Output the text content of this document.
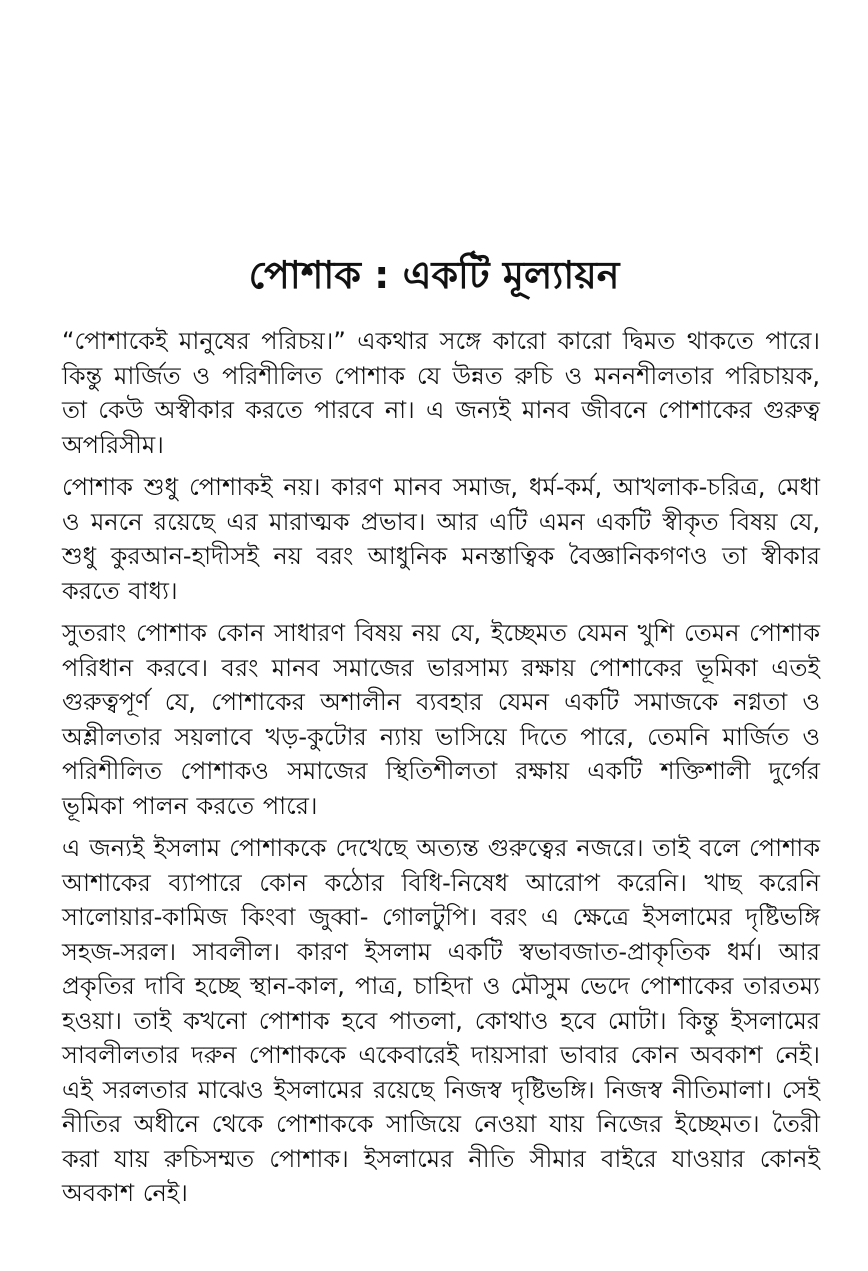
পোশাক : একটি মূল্যায়ন

“পোশাকেই মানুষের পরিচয়।” একথার সঙ্গে কারো কারো দ্বিমত থাকতে পারে। কিন্তু মার্জিত ও পরিশীলিত পোশাক যে উন্নত রুচি ও মননশীলতার পরিচায়ক, তা কেউ অস্বীকার করতে পারবে না। এ জন্যই মানব জীবনে পোশাকের গুরুত্ব অপরিসীম।

পোশাক শুধু পোশাকই নয়। কারণ মানব সমাজ, ধর্ম-কর্ম, আখলাক-চরিত্র, মেধা ও মননে রয়েছে এর মারাত্মক প্রভাব। আর এটি এমন একটি স্বীকৃত বিষয় যে, শুধু কুরআন-হাদীসই নয় বরং আধুনিক মনস্তাত্বিক বৈজ্ঞানিকগণও তা স্বীকার করতে বাধ্য।

সুতরাং পোশাক কোন সাধারণ বিষয় নয় যে, ইচ্ছেমত যেমন খুশি তেমন পোশাক পরিধান করবে। বরং মানব সমাজের ভারসাম্য রক্ষায় পোশাকের ভূমিকা এতই গুরুত্বপূর্ণ যে, পোশাকের অশালীন ব্যবহার যেমন একটি সমাজকে নগ্নতা ও অশ্লীলতার সয়লাবে খড়-কুটোর ন্যায় ভাসিয়ে দিতে পারে, তেমনি মার্জিত ও পরিশীলিত পোশাকও সমাজের স্থিতিশীলতা রক্ষায় একটি শক্তিশালী দুর্গের ভূমিকা পালন করতে পারে।

এ জন্যই ইসলাম পোশাককে দেখেছে অত্যন্ত গুরুত্বের নজরে। তাই বলে পোশাক আশাকের ব্যাপারে কোন কঠোর বিধি-নিষেধ আরোপ করেনি। খাছ করেনি সালোয়ার-কামিজ কিংবা জুব্বা- গোলটুপি। বরং এ ক্ষেত্রে ইসলামের দৃষ্টিভঙ্গি সহজ-সরল। সাবলীল। কারণ ইসলাম একটি স্বভাবজাত-প্রাকৃতিক ধর্ম। আর প্রকৃতির দাবি হচ্ছে স্থান-কাল, পাত্র, চাহিদা ও মৌসুম ভেদে পোশাকের তারতম্য হওয়া। তাই কখনো পোশাক হবে পাতলা, কোথাও হবে মোটা। কিন্তু ইসলামের সাবলীলতার দরুন পোশাককে একেবারেই দায়সারা ভাবার কোন অবকাশ নেই। এই সরলতার মাঝেও ইসলামের রয়েছে নিজস্ব দৃষ্টিভঙ্গি। নিজস্ব নীতিমালা। সেই নীতির অধীনে থেকে পোশাককে সাজিয়ে নেওয়া যায় নিজের ইচ্ছেমত। তৈরী করা যায় রুচিসম্মত পোশাক। ইসলামের নীতি সীমার বাইরে যাওয়ার কোনই অবকাশ নেই।
